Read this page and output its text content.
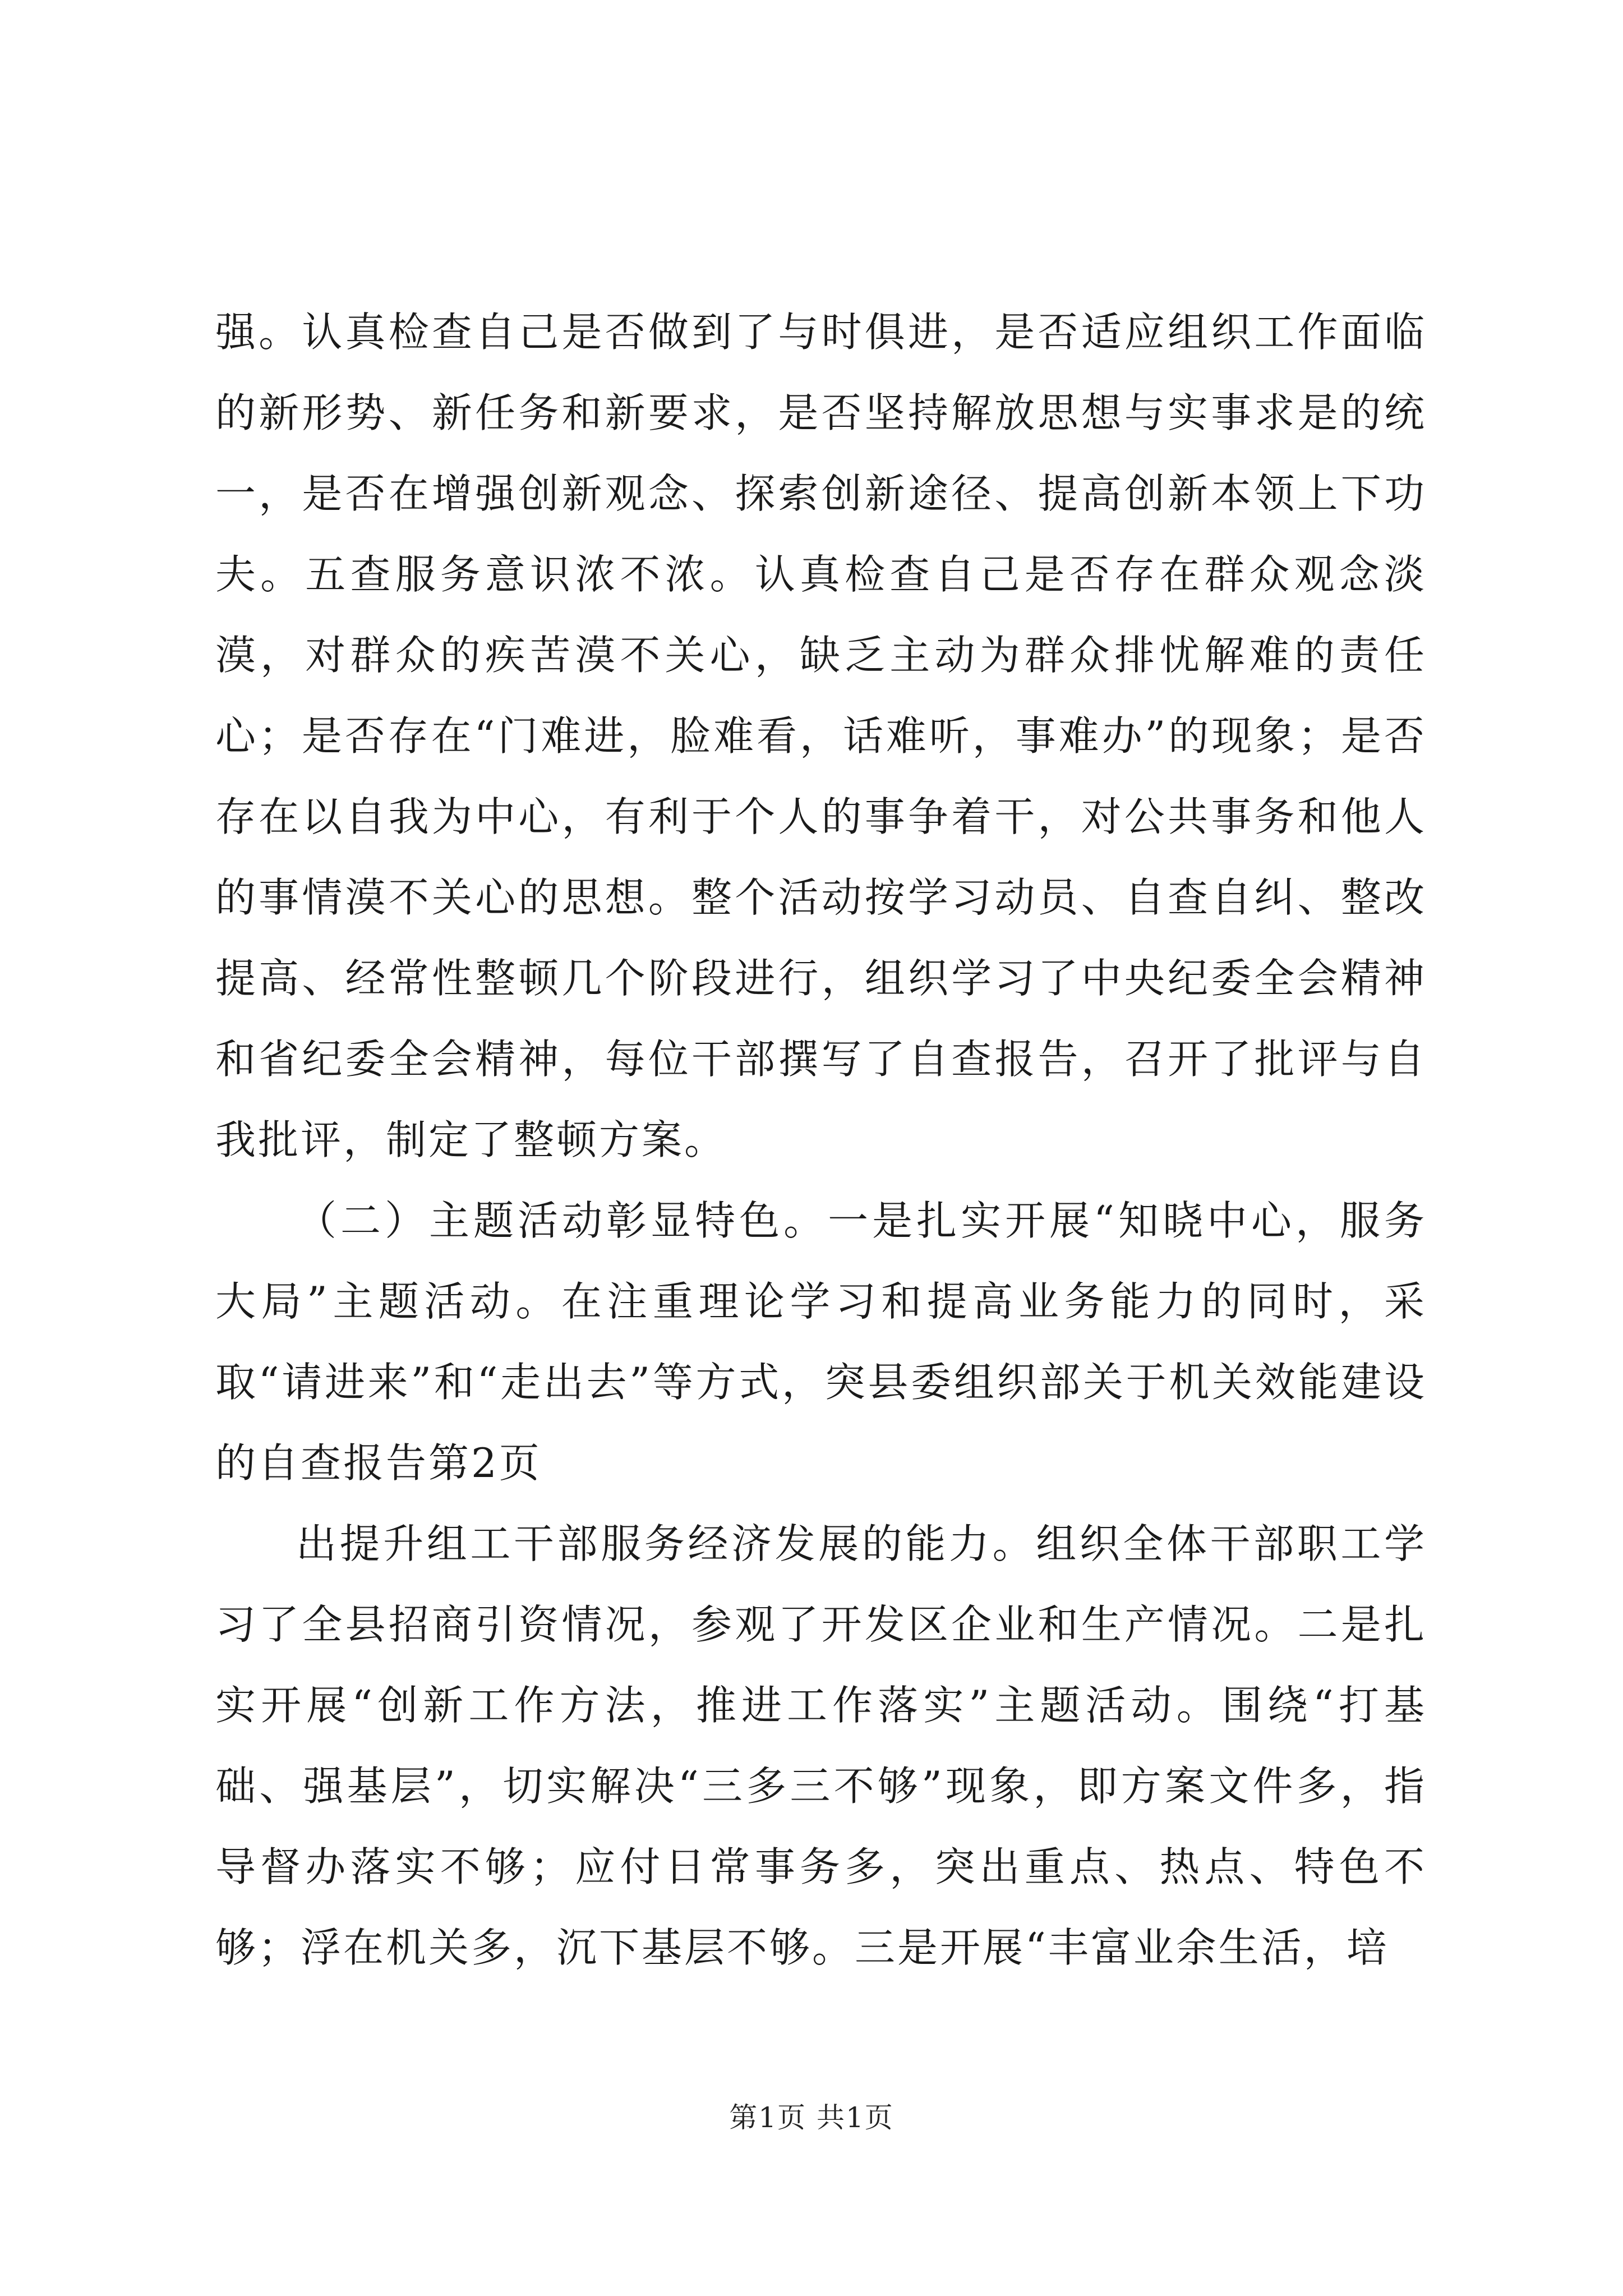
强。认真检查自己是否做到了与时俱进，是否适应组织工作面临的新形势、新任务和新要求，是否坚持解放思想与实事求是的统一，是否在增强创新观念、探索创新途径、提高创新本领上下功夫。五查服务意识浓不浓。认真检查自己是否存在群众观念淡漠，对群众的疾苦漠不关心，缺乏主动为群众排忧解难的责任心；是否存在“门难进，脸难看，话难听，事难办”的现象；是否存在以自我为中心，有利于个人的事争着干，对公共事务和他人的事情漠不关心的思想。整个活动按学习动员、自查自纠、整改提高、经常性整顿几个阶段进行，组织学习了中央纪委全会精神和省纪委全会精神，每位干部撰写了自查报告，召开了批评与自我批评，制定了整顿方案。

（二）主题活动彰显特色。一是扎实开展“知晓中心，服务大局”主题活动。在注重理论学习和提高业务能力的同时，采取“请进来”和“走出去”等方式，突县委组织部关于机关效能建设的自查报告第2页

出提升组工干部服务经济发展的能力。组织全体干部职工学习了全县招商引资情况，参观了开发区企业和生产情况。二是扎实开展“创新工作方法，推进工作落实”主题活动。围绕“打基础、强基层”，切实解决“三多三不够”现象，即方案文件多，指导督办落实不够；应付日常事务多，突出重点、热点、特色不够；浮在机关多，沉下基层不够。三是开展“丰富业余生活，培

第1页 共1页
